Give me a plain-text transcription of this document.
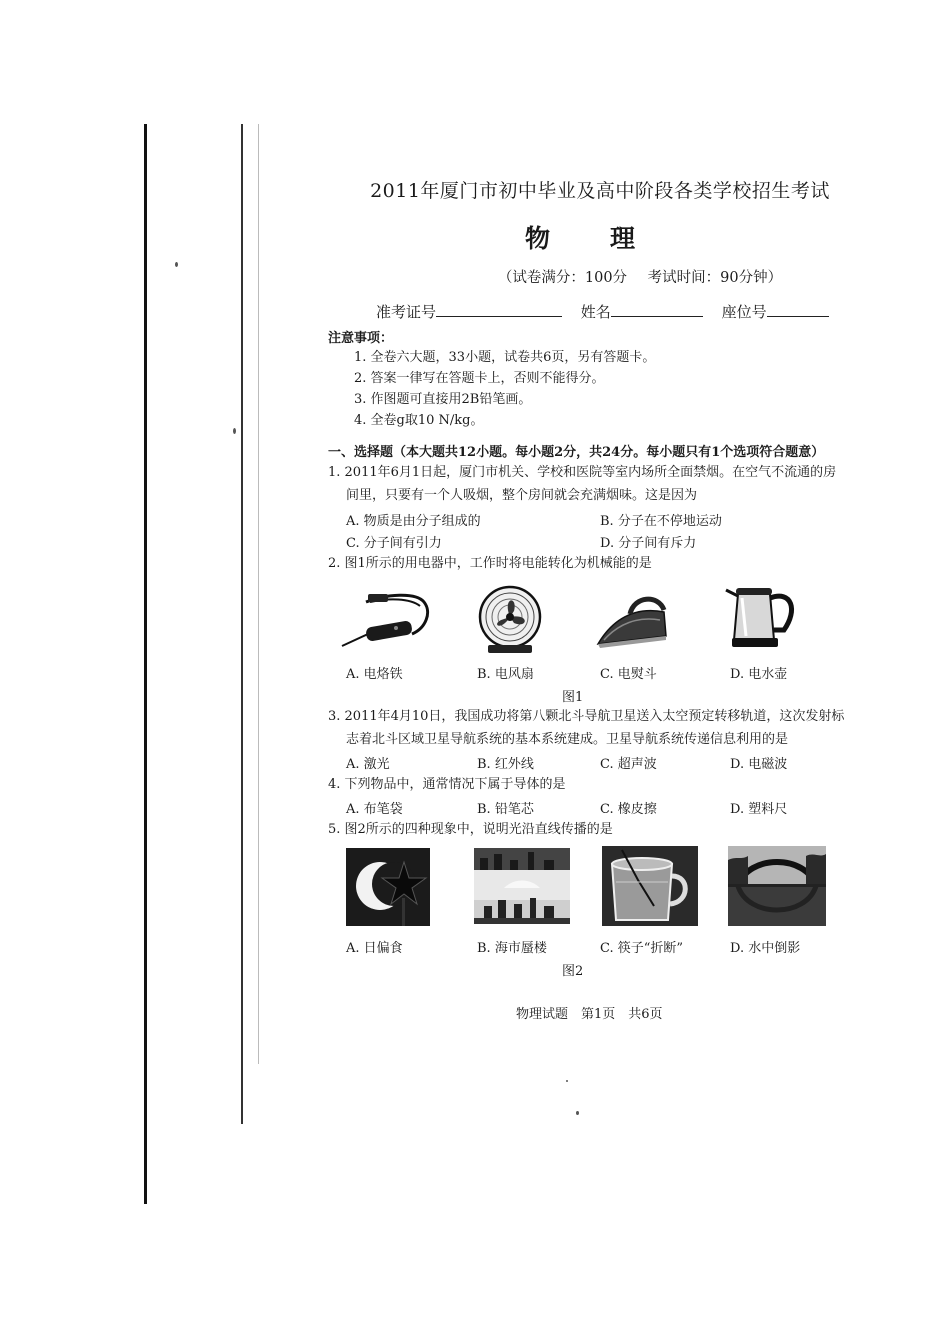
2011年厦门市初中毕业及高中阶段各类学校招生考试
物理
（试卷满分：100分 考试时间：90分钟）
准考证号	姓名	座位号
注意事项：
1. 全卷六大题，33小题，试卷共6页，另有答题卡。
2. 答案一律写在答题卡上，否则不能得分。
3. 作图题可直接用2B铅笔画。
4. 全卷g取10 N/kg。
一、选择题（本大题共12小题。每小题2分，共24分。每小题只有1个选项符合题意）
1. 2011年6月1日起，厦门市机关、学校和医院等室内场所全面禁烟。在空气不流通的房
间里，只要有一个人吸烟，整个房间就会充满烟味。这是因为
A. 物质是由分子组成的	B. 分子在不停地运动
C. 分子间有引力	D. 分子间有斥力
2. 图1所示的用电器中，工作时将电能转化为机械能的是
A. 电烙铁	B. 电风扇	C. 电熨斗	D. 电水壶
图1
3. 2011年4月10日，我国成功将第八颗北斗导航卫星送入太空预定转移轨道，这次发射标
志着北斗区域卫星导航系统的基本系统建成。卫星导航系统传递信息利用的是
A. 激光	B. 红外线	C. 超声波	D. 电磁波
4. 下列物品中，通常情况下属于导体的是
A. 布笔袋	B. 铅笔芯	C. 橡皮擦	D. 塑料尺
5. 图2所示的四种现象中，说明光沿直线传播的是
A. 日偏食	B. 海市蜃楼	C. 筷子“折断”	D. 水中倒影
图2
物理试题　第1页　共6页
